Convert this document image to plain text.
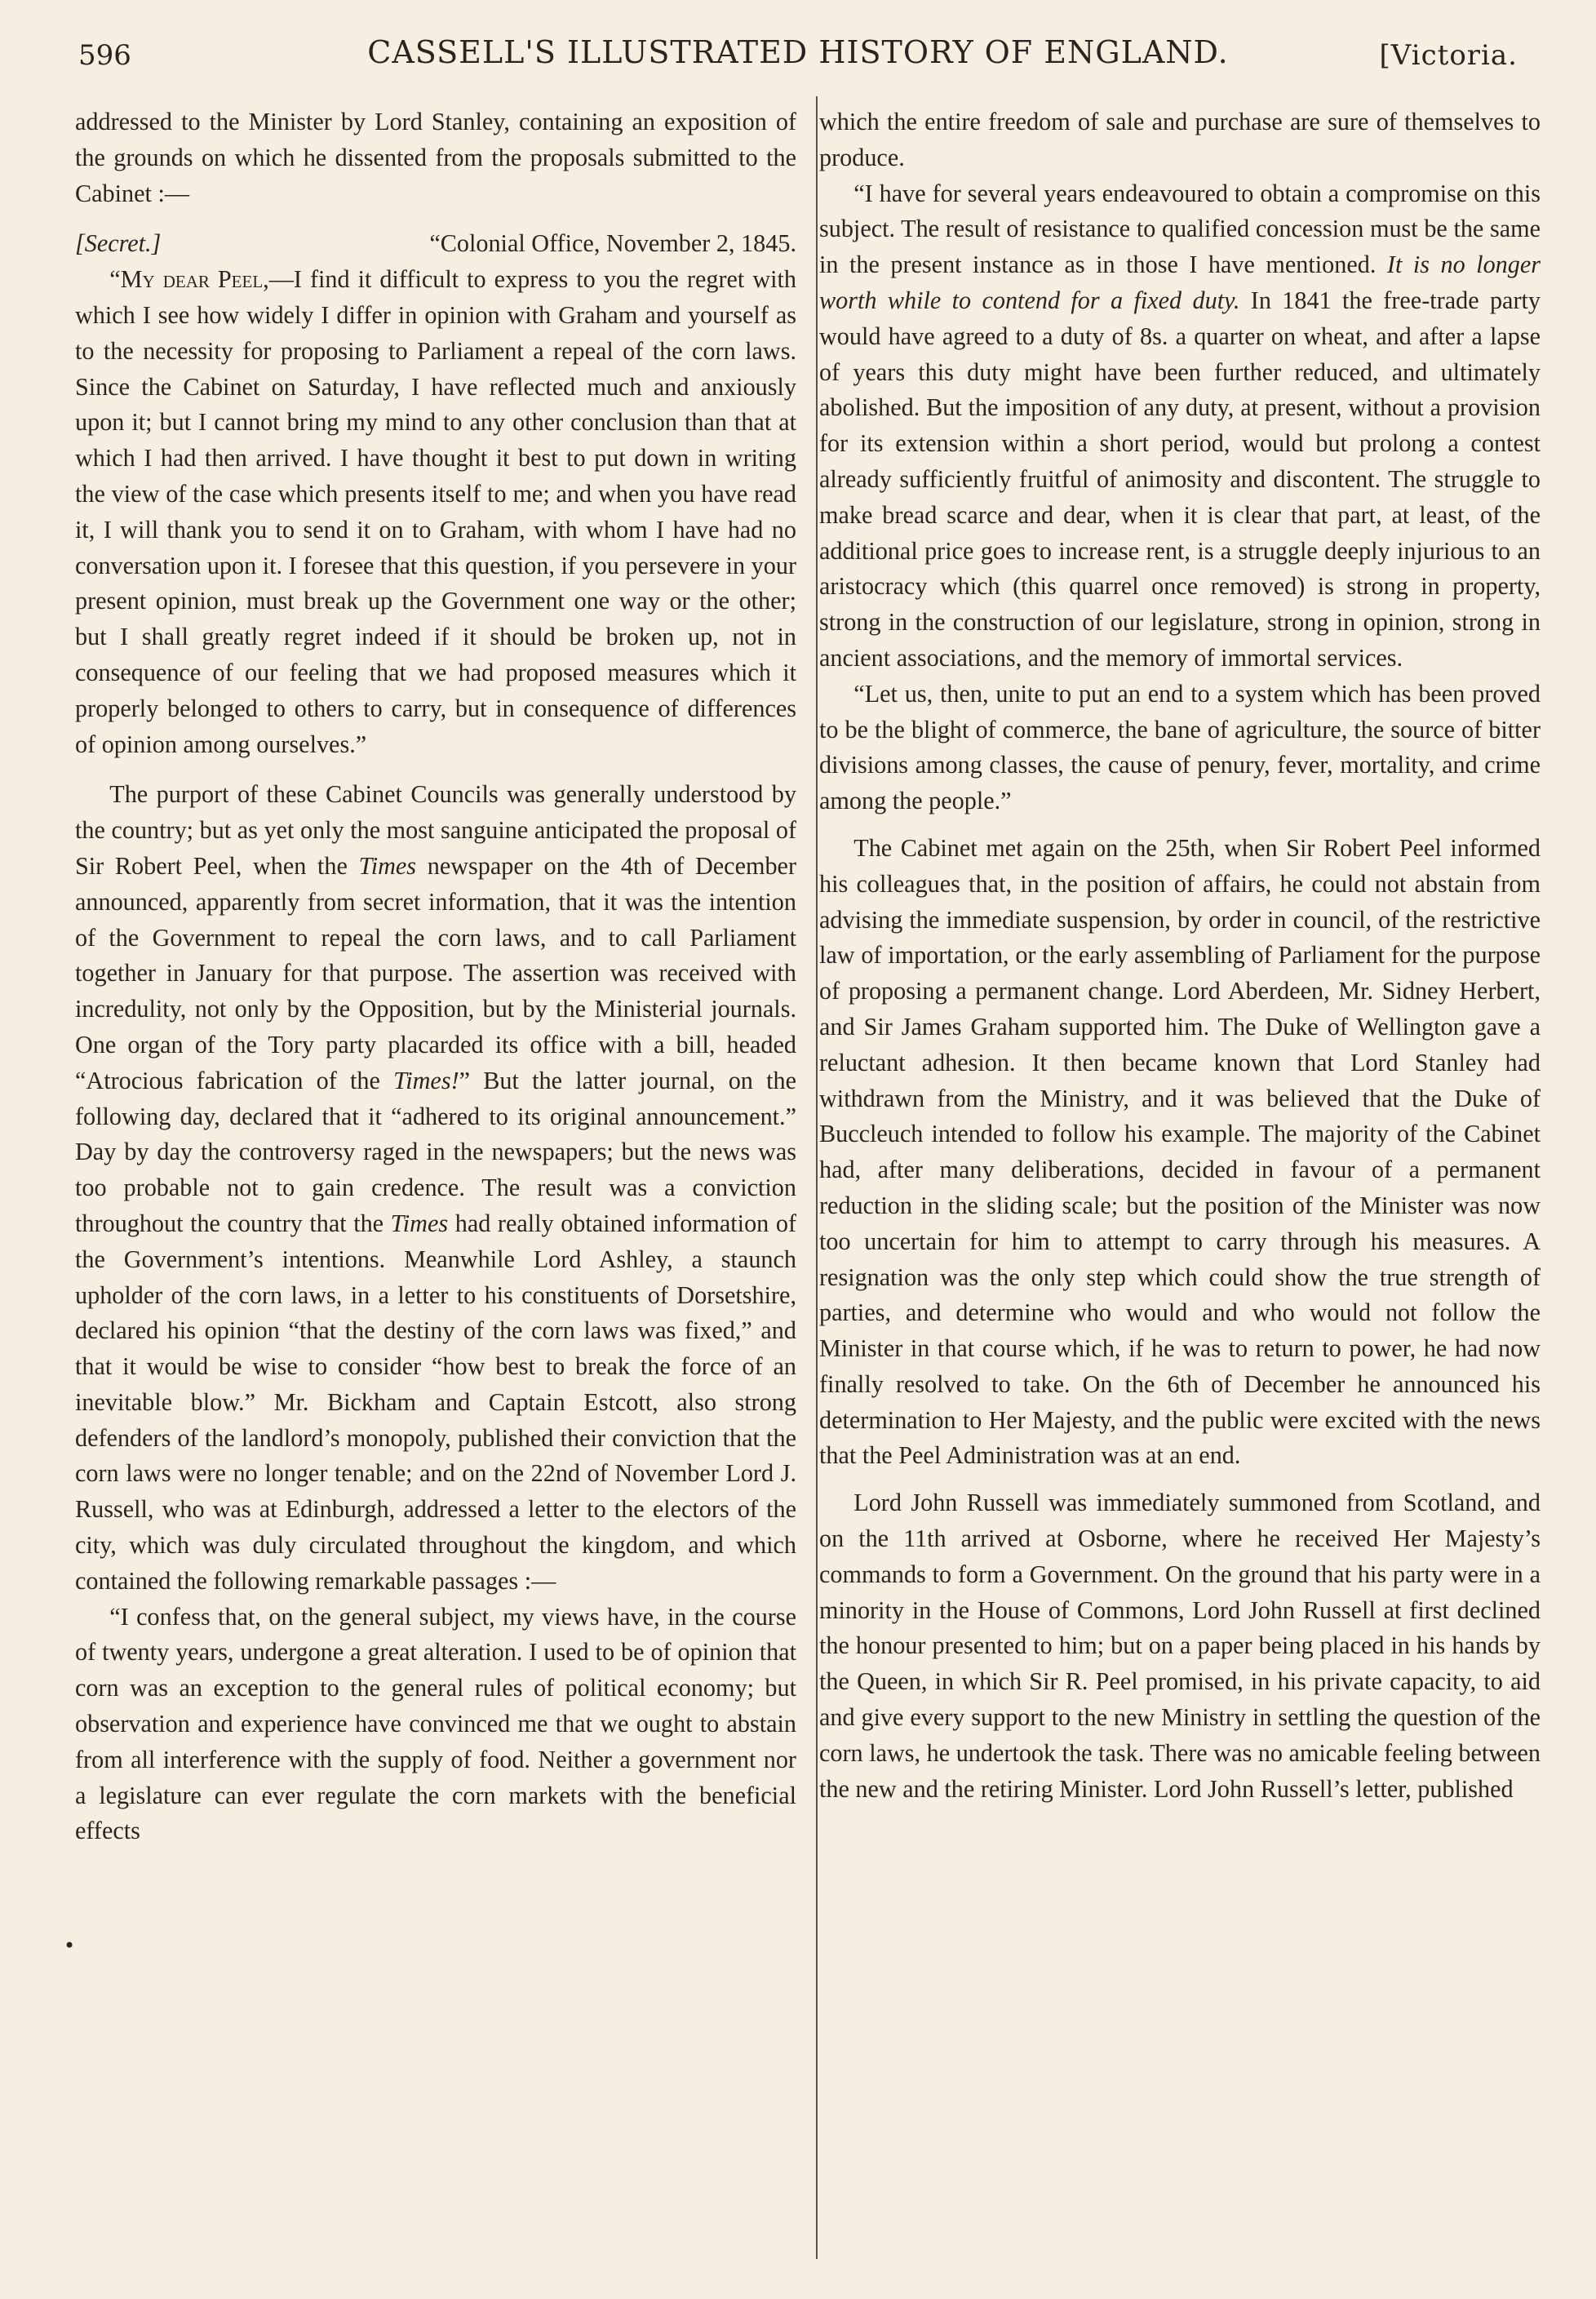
596	CASSELL'S ILLUSTRATED HISTORY OF ENGLAND.	[Victoria.

addressed to the Minister by Lord Stanley, containing an exposition of the grounds on which he dissented from the proposals submitted to the Cabinet :—

[Secret.]	“Colonial Office, November 2, 1845.

“My dear Peel,—I find it difficult to express to you the regret with which I see how widely I differ in opinion with Graham and yourself as to the necessity for proposing to Parliament a repeal of the corn laws. Since the Cabinet on Saturday, I have reflected much and anxiously upon it; but I cannot bring my mind to any other conclusion than that at which I had then arrived. I have thought it best to put down in writing the view of the case which presents itself to me; and when you have read it, I will thank you to send it on to Graham, with whom I have had no conversation upon it. I foresee that this question, if you persevere in your present opinion, must break up the Government one way or the other; but I shall greatly regret indeed if it should be broken up, not in consequence of our feeling that we had proposed measures which it properly belonged to others to carry, but in consequence of differences of opinion among ourselves.”

The purport of these Cabinet Councils was generally understood by the country; but as yet only the most sanguine anticipated the proposal of Sir Robert Peel, when the Times newspaper on the 4th of December announced, apparently from secret information, that it was the intention of the Government to repeal the corn laws, and to call Parliament together in January for that purpose. The assertion was received with incredulity, not only by the Opposition, but by the Ministerial journals. One organ of the Tory party placarded its office with a bill, headed “Atrocious fabrication of the Times!” But the latter journal, on the following day, declared that it “adhered to its original announcement.” Day by day the controversy raged in the newspapers; but the news was too probable not to gain credence. The result was a conviction throughout the country that the Times had really obtained information of the Government’s intentions. Meanwhile Lord Ashley, a staunch upholder of the corn laws, in a letter to his constituents of Dorsetshire, declared his opinion “that the destiny of the corn laws was fixed,” and that it would be wise to consider “how best to break the force of an inevitable blow.” Mr. Bickham and Captain Estcott, also strong defenders of the landlord’s monopoly, published their conviction that the corn laws were no longer tenable; and on the 22nd of November Lord J. Russell, who was at Edinburgh, addressed a letter to the electors of the city, which was duly circulated throughout the kingdom, and which contained the following remarkable passages :—

“I confess that, on the general subject, my views have, in the course of twenty years, undergone a great alteration. I used to be of opinion that corn was an exception to the general rules of political economy; but observation and experience have convinced me that we ought to abstain from all interference with the supply of food. Neither a government nor a legislature can ever regulate the corn markets with the beneficial effects

•

which the entire freedom of sale and purchase are sure of themselves to produce.

“I have for several years endeavoured to obtain a compromise on this subject. The result of resistance to qualified concession must be the same in the present instance as in those I have mentioned. It is no longer worth while to contend for a fixed duty. In 1841 the free-trade party would have agreed to a duty of 8s. a quarter on wheat, and after a lapse of years this duty might have been further reduced, and ultimately abolished. But the imposition of any duty, at present, without a provision for its extension within a short period, would but prolong a contest already sufficiently fruitful of animosity and discontent. The struggle to make bread scarce and dear, when it is clear that part, at least, of the additional price goes to increase rent, is a struggle deeply injurious to an aristocracy which (this quarrel once removed) is strong in property, strong in the construction of our legislature, strong in opinion, strong in ancient associations, and the memory of immortal services.

“Let us, then, unite to put an end to a system which has been proved to be the blight of commerce, the bane of agriculture, the source of bitter divisions among classes, the cause of penury, fever, mortality, and crime among the people.”

The Cabinet met again on the 25th, when Sir Robert Peel informed his colleagues that, in the position of affairs, he could not abstain from advising the immediate suspension, by order in council, of the restrictive law of importation, or the early assembling of Parliament for the purpose of proposing a permanent change. Lord Aberdeen, Mr. Sidney Herbert, and Sir James Graham supported him. The Duke of Wellington gave a reluctant adhesion. It then became known that Lord Stanley had withdrawn from the Ministry, and it was believed that the Duke of Buccleuch intended to follow his example. The majority of the Cabinet had, after many deliberations, decided in favour of a permanent reduction in the sliding scale; but the position of the Minister was now too uncertain for him to attempt to carry through his measures. A resignation was the only step which could show the true strength of parties, and determine who would and who would not follow the Minister in that course which, if he was to return to power, he had now finally resolved to take. On the 6th of December he announced his determination to Her Majesty, and the public were excited with the news that the Peel Administration was at an end.

Lord John Russell was immediately summoned from Scotland, and on the 11th arrived at Osborne, where he received Her Majesty’s commands to form a Government. On the ground that his party were in a minority in the House of Commons, Lord John Russell at first declined the honour presented to him; but on a paper being placed in his hands by the Queen, in which Sir R. Peel promised, in his private capacity, to aid and give every support to the new Ministry in settling the question of the corn laws, he undertook the task. There was no amicable feeling between the new and the retiring Minister. Lord John Russell’s letter, published
